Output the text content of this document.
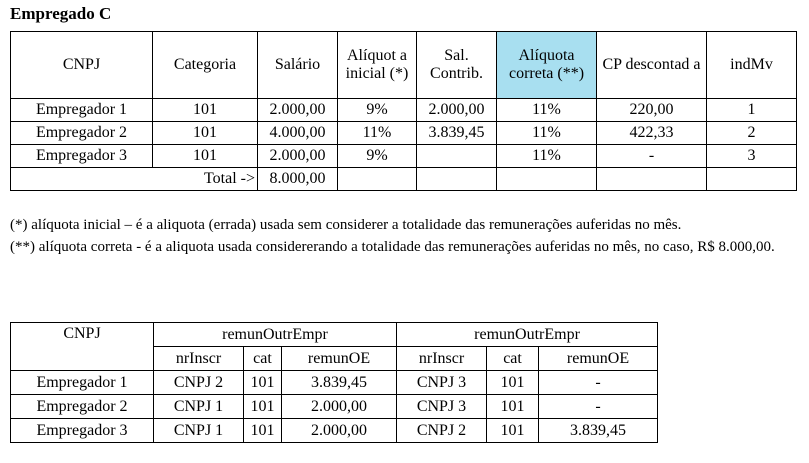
Empregado C
CNPJ	Categoria	Salário	Alíquot a inicial (*)	Sal. Contrib.	Alíquota correta (**)	CP descontad a	indMv
Empregador 1	101	2.000,00	9%	2.000,00	11%	220,00	1
Empregador 2	101	4.000,00	11%	3.839,45	11%	422,33	2
Empregador 3	101	2.000,00	9%		11%	-	3
Total ->		8.000,00					

(*) alíquota inicial – é a aliquota (errada) usada sem considerer a totalidade das remunerações auferidas no mês.

(**) alíquota correta - é a aliquota usada considererando a totalidade das remunerações auferidas no mês, no caso, R$ 8.000,00.

CNPJ	remunOutrEmpr			remunOutrEmpr		
	nrInscr	cat	remunOE	nrInscr	cat	remunOE
Empregador 1	CNPJ 2	101	3.839,45	CNPJ 3	101	-
Empregador 2	CNPJ 1	101	2.000,00	CNPJ 3	101	-
Empregador 3	CNPJ 1	101	2.000,00	CNPJ 2	101	3.839,45
